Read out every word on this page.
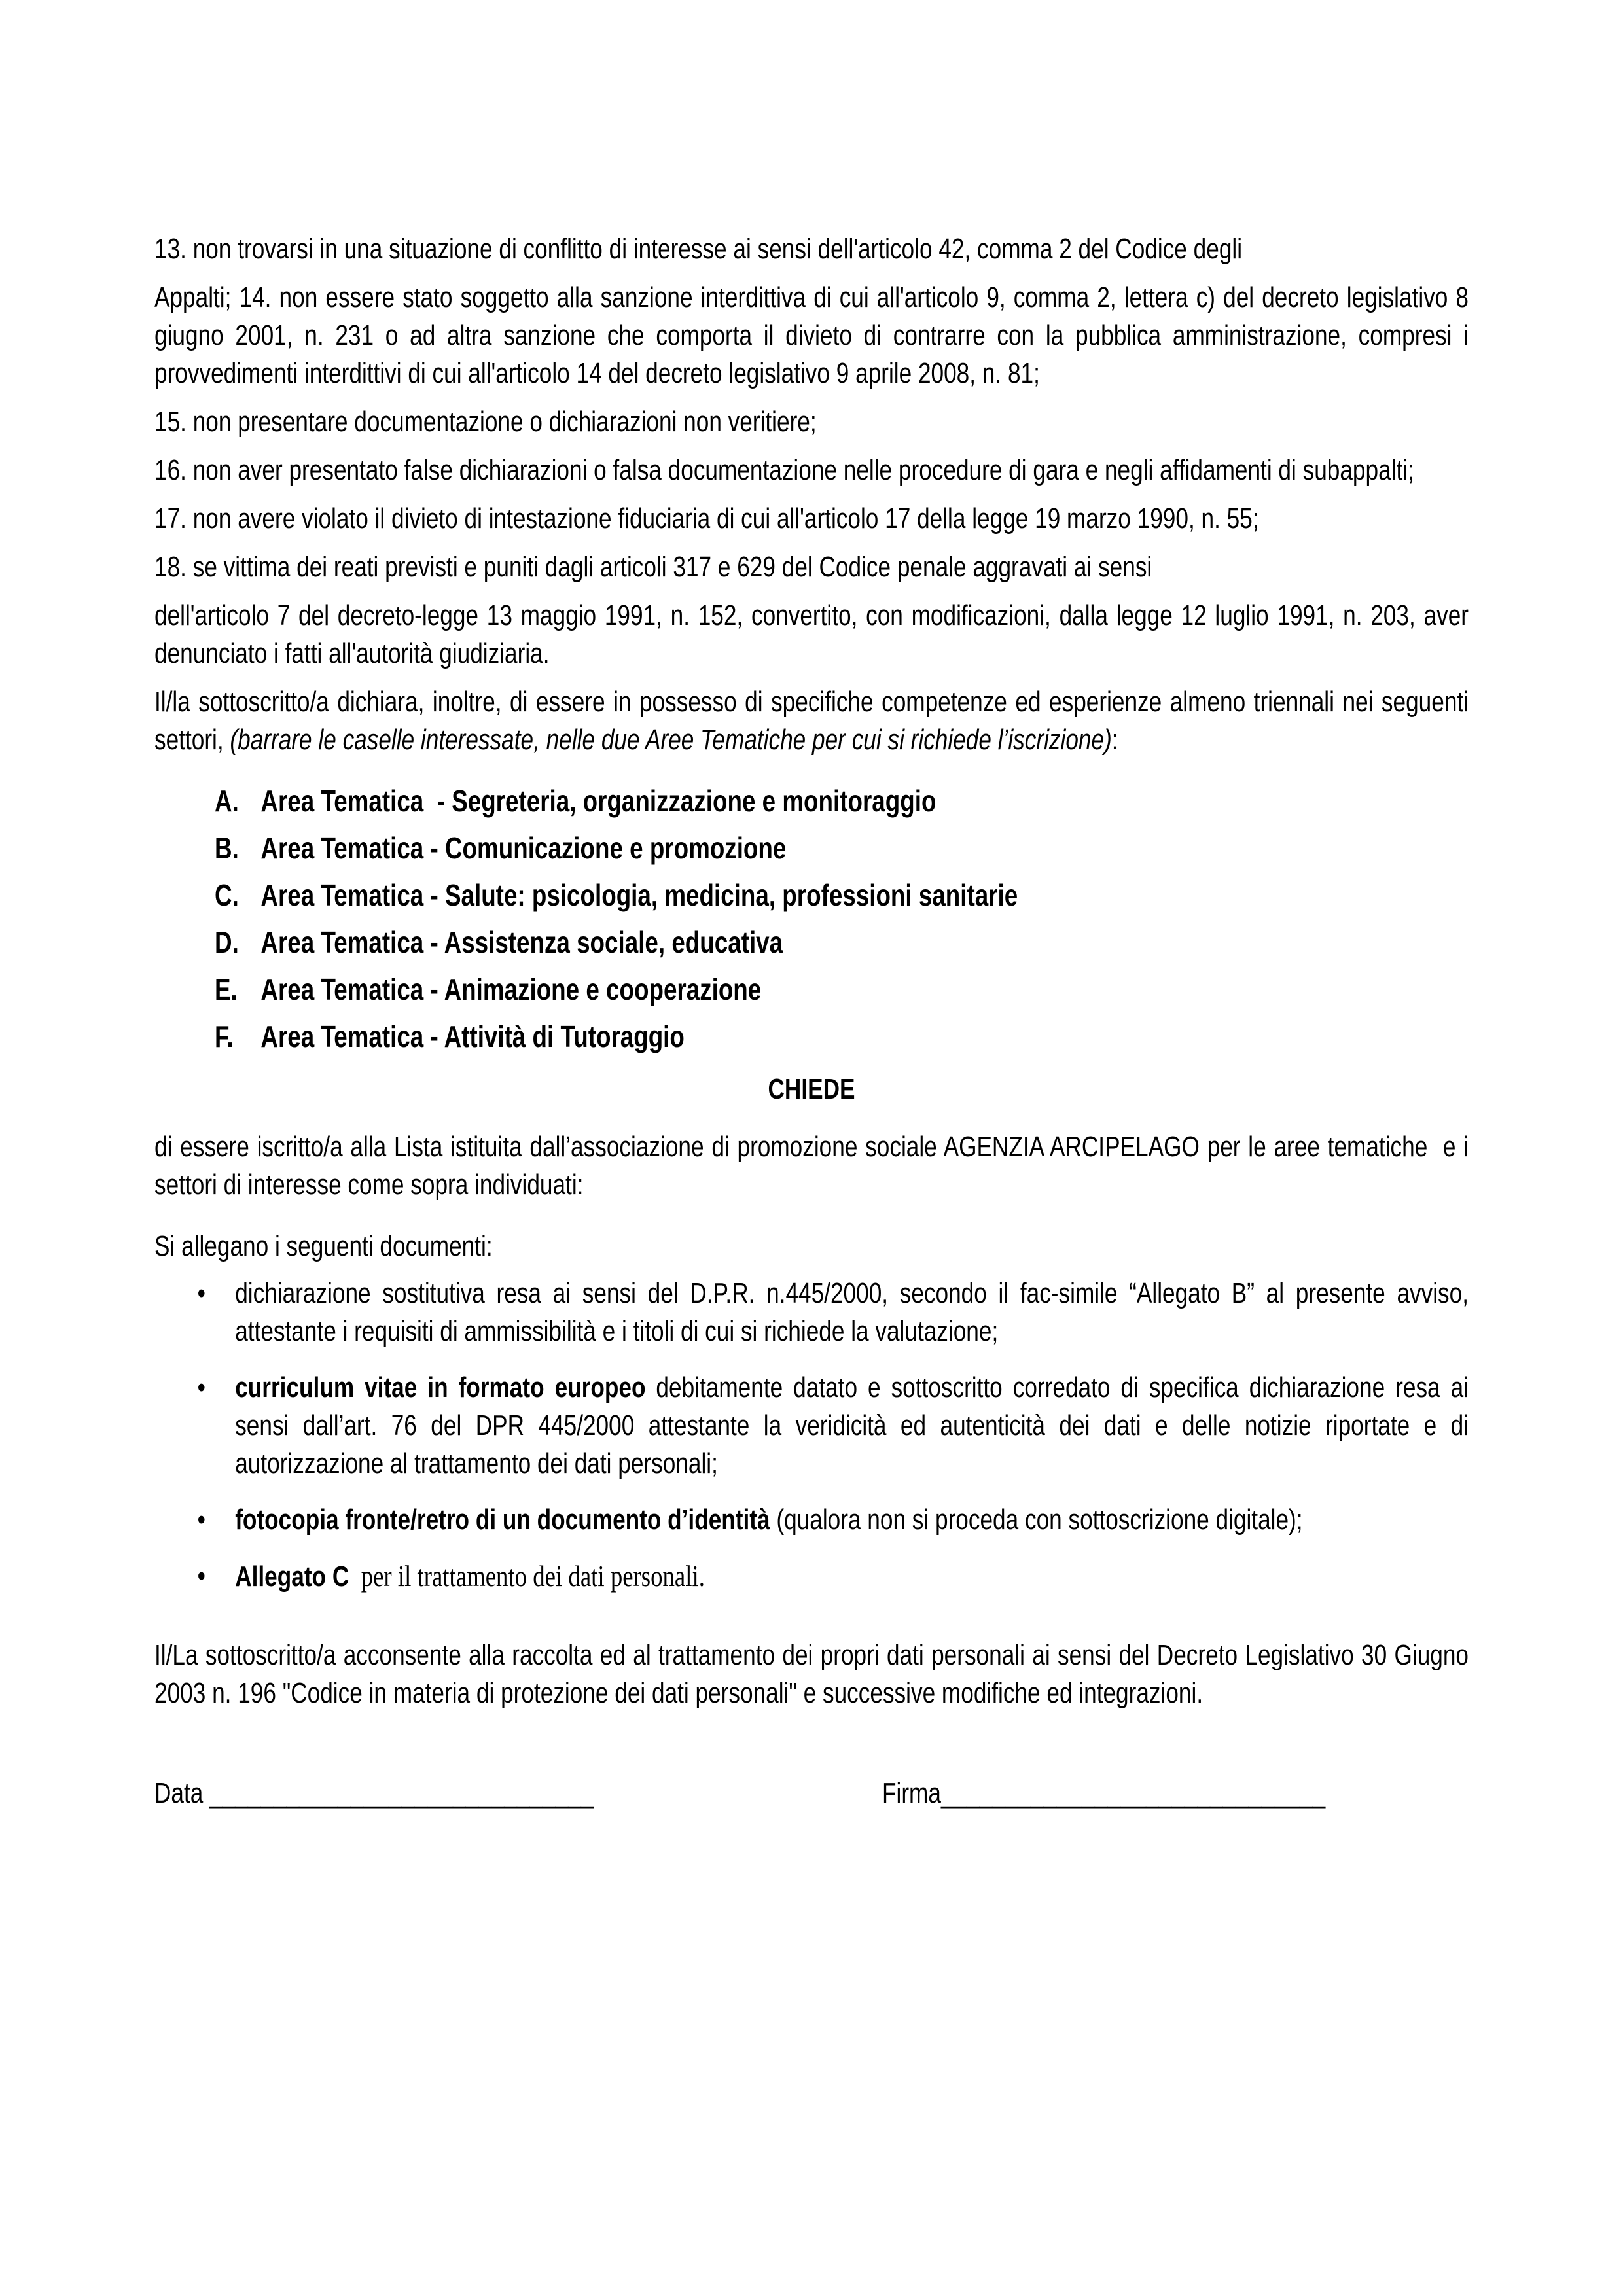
13. non trovarsi in una situazione di conflitto di interesse ai sensi dell'articolo 42, comma 2 del Codice degli

Appalti; 14. non essere stato soggetto alla sanzione interdittiva di cui all'articolo 9, comma 2, lettera c) del decreto legislativo 8 giugno 2001, n. 231 o ad altra sanzione che comporta il divieto di contrarre con la pubblica amministrazione, compresi i provvedimenti interdittivi di cui all'articolo 14 del decreto legislativo 9 aprile 2008, n. 81;

15. non presentare documentazione o dichiarazioni non veritiere;

16. non aver presentato false dichiarazioni o falsa documentazione nelle procedure di gara e negli affidamenti di subappalti;

17. non avere violato il divieto di intestazione fiduciaria di cui all'articolo 17 della legge 19 marzo 1990, n. 55;

18. se vittima dei reati previsti e puniti dagli articoli 317 e 629 del Codice penale aggravati ai sensi

dell'articolo 7 del decreto-legge 13 maggio 1991, n. 152, convertito, con modificazioni, dalla legge 12 luglio 1991, n. 203, aver denunciato i fatti all'autorità giudiziaria.

Il/la sottoscritto/a dichiara, inoltre, di essere in possesso di specifiche competenze ed esperienze almeno triennali nei seguenti settori, (barrare le caselle interessate, nelle due Aree Tematiche per cui si richiede l’iscrizione):

A. Area Tematica  - Segreteria, organizzazione e monitoraggio
B. Area Tematica - Comunicazione e promozione
C. Area Tematica - Salute: psicologia, medicina, professioni sanitarie
D. Area Tematica - Assistenza sociale, educativa
E. Area Tematica - Animazione e cooperazione
F. Area Tematica - Attività di Tutoraggio

CHIEDE

di essere iscritto/a alla Lista istituita dall’associazione di promozione sociale AGENZIA ARCIPELAGO per le aree tematiche  e i settori di interesse come sopra individuati:

Si allegano i seguenti documenti:

•	dichiarazione sostitutiva resa ai sensi del D.P.R. n.445/2000, secondo il fac-simile “Allegato B” al presente avviso, attestante i requisiti di ammissibilità e i titoli di cui si richiede la valutazione;
•	curriculum vitae in formato europeo debitamente datato e sottoscritto corredato di specifica dichiarazione resa ai sensi dall’art. 76 del DPR 445/2000 attestante la veridicità ed autenticità dei dati e delle notizie riportate e di autorizzazione al trattamento dei dati personali;
•	fotocopia fronte/retro di un documento d’identità (qualora non si proceda con sottoscrizione digitale);
•	Allegato C  per il trattamento dei dati personali.

Il/La sottoscritto/a acconsente alla raccolta ed al trattamento dei propri dati personali ai sensi del Decreto Legislativo 30 Giugno 2003 n. 196 "Codice in materia di protezione dei dati personali" e successive modifiche ed integrazioni.

Data ______________________________	Firma______________________________
